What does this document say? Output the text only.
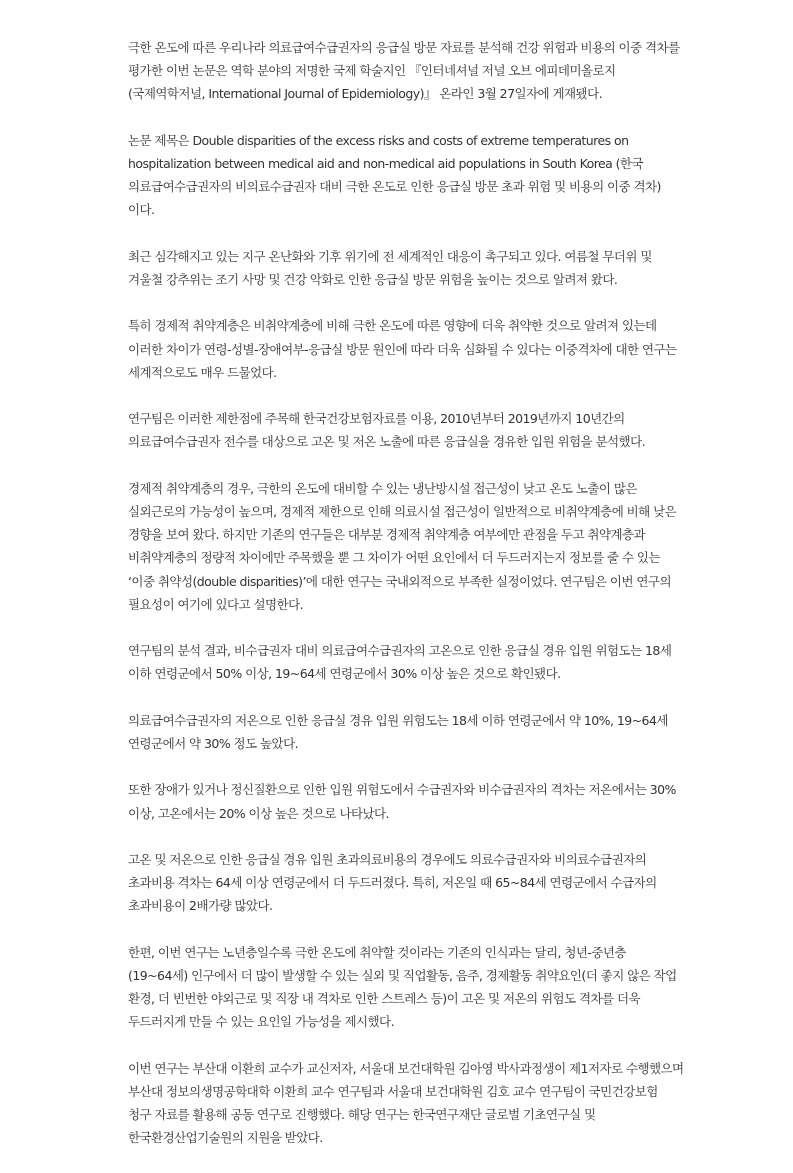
극한 온도에 따른 우리나라 의료급여수급권자의 응급실 방문 자료를 분석해 건강 위험과 비용의 이중 격차를 평가한 이번 논문은 역학 분야의 저명한 국제 학술지인 『인터네셔널 저널 오브 에피데미올로지(국제역학저널, International Journal of Epidemiology)』 온라인 3월 27일자에 게재됐다.

논문 제목은 Double disparities of the excess risks and costs of extreme temperatures on hospitalization between medical aid and non-medical aid populations in South Korea (한국 의료급여수급권자의 비의료수급권자 대비 극한 온도로 인한 응급실 방문 초과 위험 및 비용의 이중 격차)이다.

최근 심각해지고 있는 지구 온난화와 기후 위기에 전 세계적인 대응이 촉구되고 있다. 여름철 무더위 및 겨울철 강추위는 조기 사망 및 건강 악화로 인한 응급실 방문 위험을 높이는 것으로 알려져 왔다.

특히 경제적 취약계층은 비취약계층에 비해 극한 온도에 따른 영향에 더욱 취약한 것으로 알려져 있는데 이러한 차이가 연령-성별-장애여부-응급실 방문 원인에 따라 더욱 심화될 수 있다는 이중격차에 대한 연구는 세계적으로도 매우 드물었다.

연구팀은 이러한 제한점에 주목해 한국건강보험자료를 이용, 2010년부터 2019년까지 10년간의 의료급여수급권자 전수를 대상으로 고온 및 저온 노출에 따른 응급실을 경유한 입원 위험을 분석했다.

경제적 취약계층의 경우, 극한의 온도에 대비할 수 있는 냉난방시설 접근성이 낮고 온도 노출이 많은 실외근로의 가능성이 높으며, 경제적 제한으로 인해 의료시설 접근성이 일반적으로 비취약계층에 비해 낮은 경향을 보여 왔다. 하지만 기존의 연구들은 대부분 경제적 취약계층 여부에만 관점을 두고 취약계층과 비취약계층의 정량적 차이에만 주목했을 뿐 그 차이가 어떤 요인에서 더 두드러지는지 정보를 줄 수 있는 ‘이중 취약성(double disparities)’에 대한 연구는 국내외적으로 부족한 실정이었다. 연구팀은 이번 연구의 필요성이 여기에 있다고 설명한다.

연구팀의 분석 결과, 비수급권자 대비 의료급여수급권자의 고온으로 인한 응급실 경유 입원 위험도는 18세 이하 연령군에서 50% 이상, 19~64세 연령군에서 30% 이상 높은 것으로 확인됐다.

의료급여수급권자의 저온으로 인한 응급실 경유 입원 위험도는 18세 이하 연령군에서 약 10%, 19~64세 연령군에서 약 30% 정도 높았다.

또한 장애가 있거나 정신질환으로 인한 입원 위험도에서 수급권자와 비수급권자의 격차는 저온에서는 30% 이상, 고온에서는 20% 이상 높은 것으로 나타났다.

고온 및 저온으로 인한 응급실 경유 입원 초과의료비용의 경우에도 의료수급권자와 비의료수급권자의 초과비용 격차는 64세 이상 연령군에서 더 두드러졌다. 특히, 저온일 때 65~84세 연령군에서 수급자의 초과비용이 2배가량 많았다.

한편, 이번 연구는 노년층일수록 극한 온도에 취약할 것이라는 기존의 인식과는 달리, 청년-중년층(19~64세) 인구에서 더 많이 발생할 수 있는 실외 및 직업활동, 음주, 경제활동 취약요인(더 좋지 않은 작업 환경, 더 빈번한 야외근로 및 직장 내 격차로 인한 스트레스 등)이 고온 및 저온의 위험도 격차를 더욱 두드러지게 만들 수 있는 요인일 가능성을 제시했다.

이번 연구는 부산대 이환희 교수가 교신저자, 서울대 보건대학원 김아영 박사과정생이 제1저자로 수행했으며 부산대 정보의생명공학대학 이환희 교수 연구팀과 서울대 보건대학원 김호 교수 연구팀이 국민건강보험 청구 자료를 활용해 공동 연구로 진행했다. 해당 연구는 한국연구재단 글로벌 기초연구실 및 한국환경산업기술원의 지원을 받았다.
